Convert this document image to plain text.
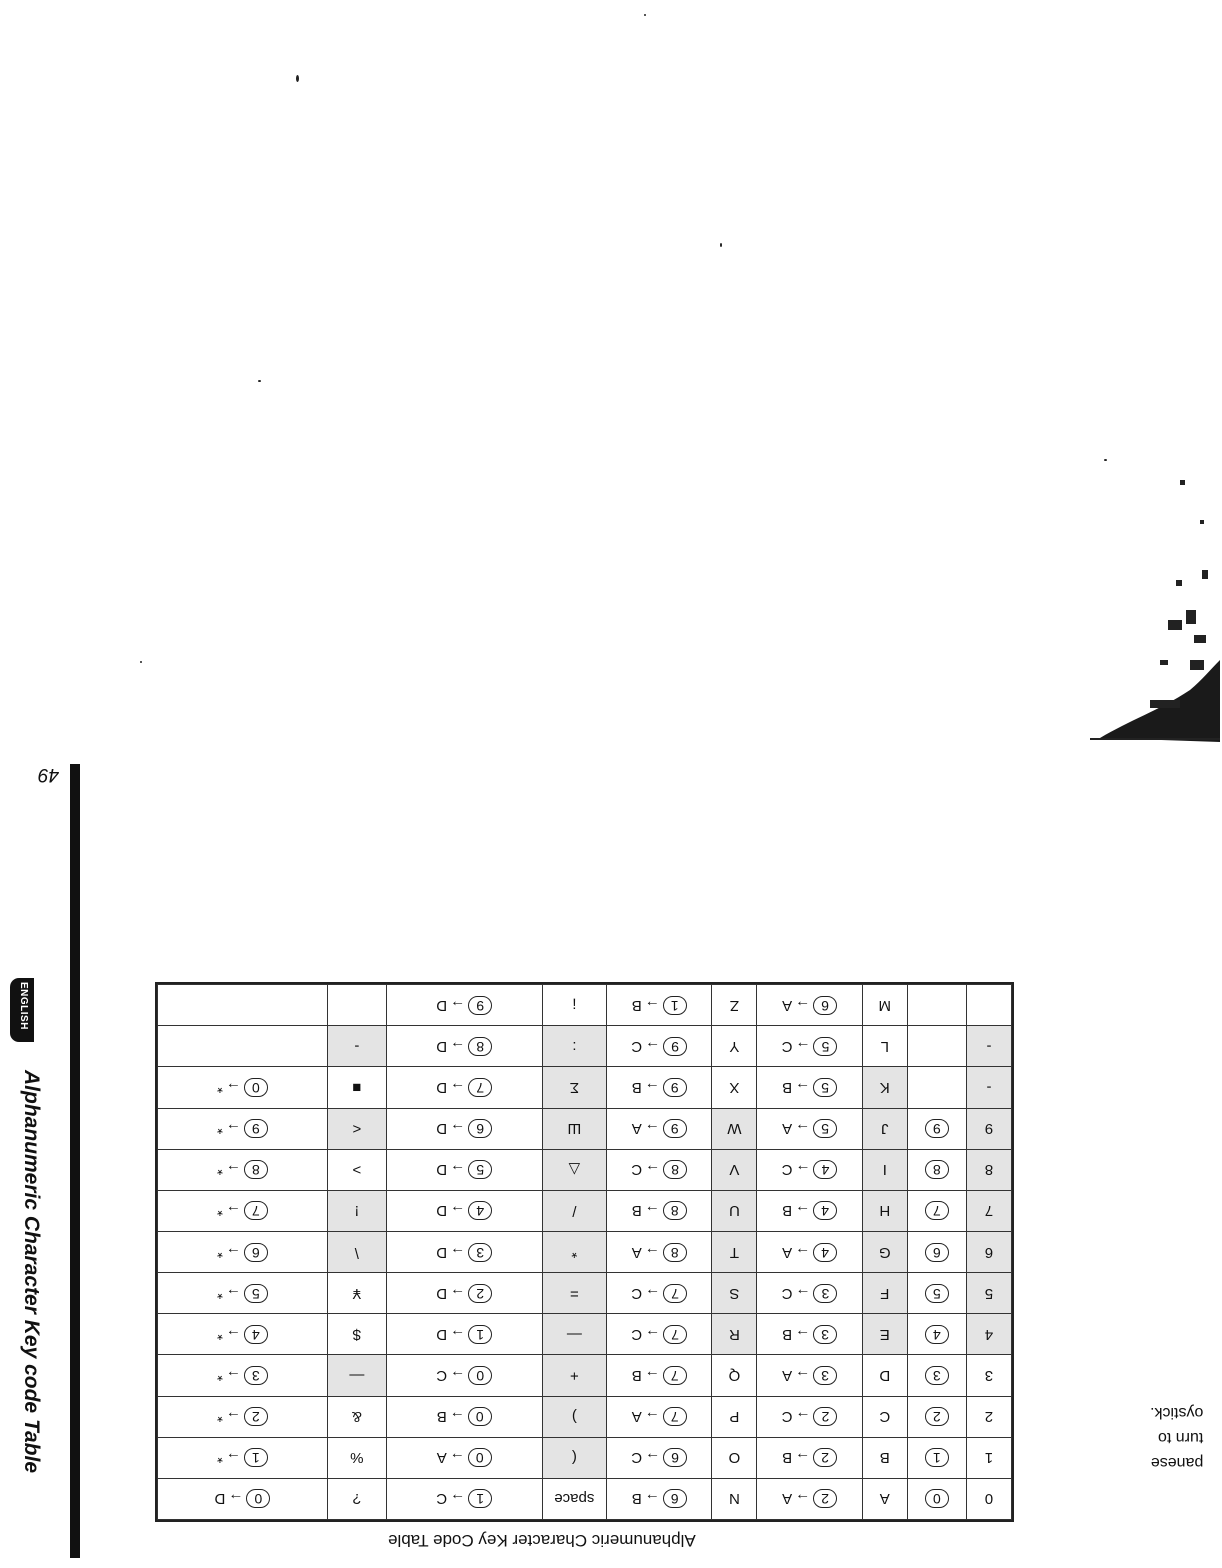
Alphanumeric Character Key code Table
ENGLISH
49
0	0	A	2→A	N	6→B	space	1→C	?	0→D
1	1	B	2→B	O	6→C	(	0→A	%	1→*
2	2	C	2→C	P	7→A	)	0→B	&	2→*
3	3	D	3→A	Q	7→B	+	0→C	—	3→*
4	4	E	3→B	R	7→C	—	1→D	$	4→*
5	5	F	3→C	S	7→C	=	2→D	¥	5→*
6	6	G	4→A	T	8→A	*	3→D	\	6→*
7	7	H	4→B	U	8→B	/	4→D	!	7→*
8	8	I	4→C	V	8→C	△	5→D	>	8→*
9	9	J	5→A	W	9→A	Ш	6→D	<	9→*
-		K	5→B	X	9→B	Σ	7→D	■	0→*
-		L	5→C	Y	9→C	:	8→D	-	
		M	6→A	Z	1→B	¡	9→D		
Alphanumeric Character Key Code Table
panese
turn to
oystick.
